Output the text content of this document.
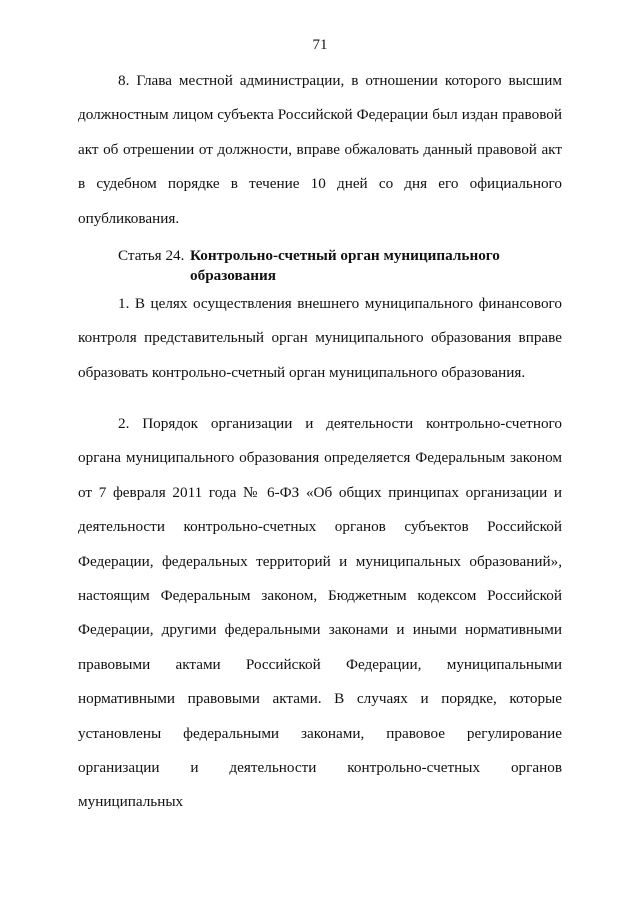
71

8. Глава местной администрации, в отношении которого высшим должностным лицом субъекта Российской Федерации был издан правовой акт об отрешении от должности, вправе обжаловать данный правовой акт в судебном порядке в течение 10 дней со дня его официального опубликования.

Статья 24. Контрольно-счетный орган муниципального образования

1. В целях осуществления внешнего муниципального финансового контроля представительный орган муниципального образования вправе образовать контрольно-счетный орган муниципального образования.

2. Порядок организации и деятельности контрольно-счетного органа муниципального образования определяется Федеральным законом от 7 февраля 2011 года № 6-ФЗ «Об общих принципах организации и деятельности контрольно-счетных органов субъектов Российской Федерации, федеральных территорий и муниципальных образований», настоящим Федеральным законом, Бюджетным кодексом Российской Федерации, другими федеральными законами и иными нормативными правовыми актами Российской Федерации, муниципальными нормативными правовыми актами. В случаях и порядке, которые установлены федеральными законами, правовое регулирование организации и деятельности контрольно-счетных органов муниципальных
